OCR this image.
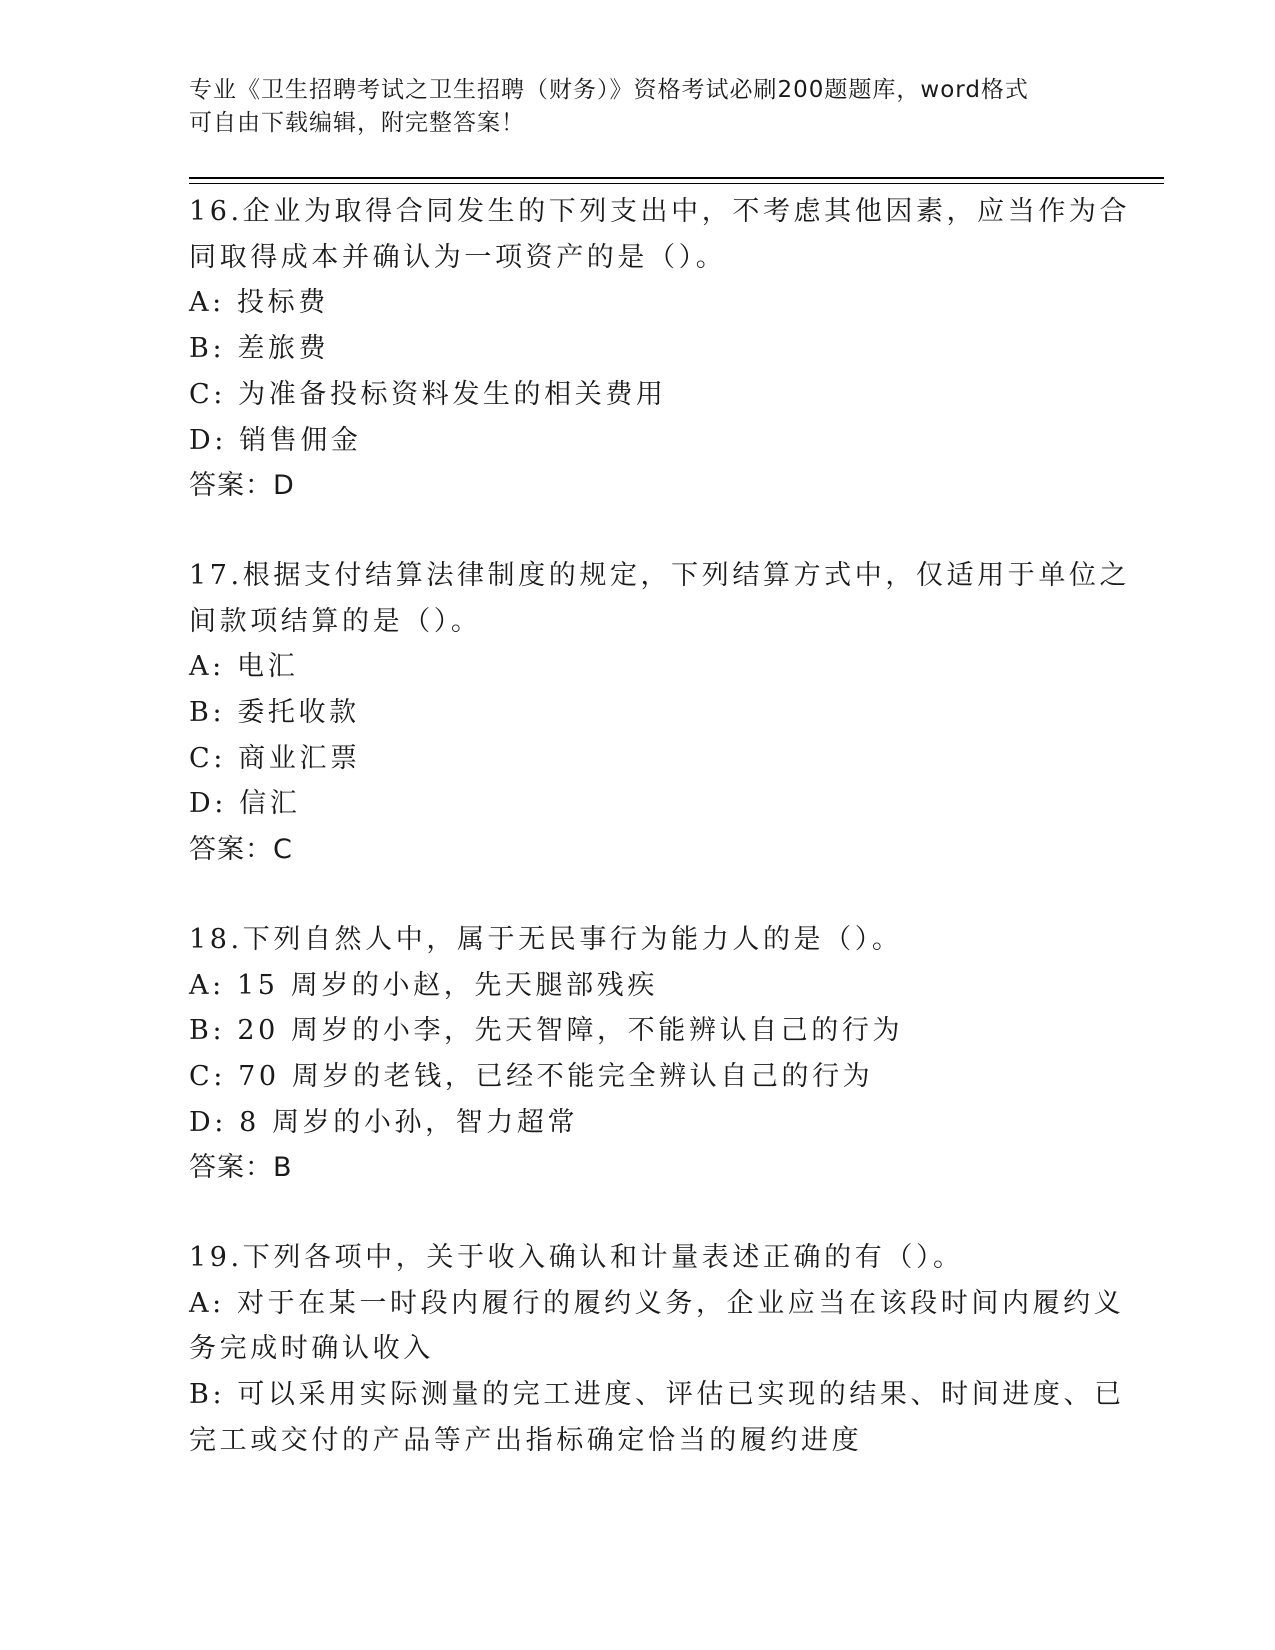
专业《卫生招聘考试之卫生招聘（财务）》资格考试必刷200题题库，word格式
可自由下载编辑，附完整答案！
16.企业为取得合同发生的下列支出中，不考虑其他因素，应当作为合
同取得成本并确认为一项资产的是（）。
A: 投标费
B: 差旅费
C: 为准备投标资料发生的相关费用
D: 销售佣金
答案：D
17.根据支付结算法律制度的规定，下列结算方式中，仅适用于单位之
间款项结算的是（）。
A: 电汇
B: 委托收款
C: 商业汇票
D: 信汇
答案：C
18.下列自然人中，属于无民事行为能力人的是（）。
A: 15 周岁的小赵，先天腿部残疾
B: 20 周岁的小李，先天智障，不能辨认自己的行为
C: 70 周岁的老钱，已经不能完全辨认自己的行为
D: 8 周岁的小孙，智力超常
答案：B
19.下列各项中，关于收入确认和计量表述正确的有（）。
A: 对于在某一时段内履行的履约义务，企业应当在该段时间内履约义
务完成时确认收入
B: 可以采用实际测量的完工进度、评估已实现的结果、时间进度、已
完工或交付的产品等产出指标确定恰当的履约进度
